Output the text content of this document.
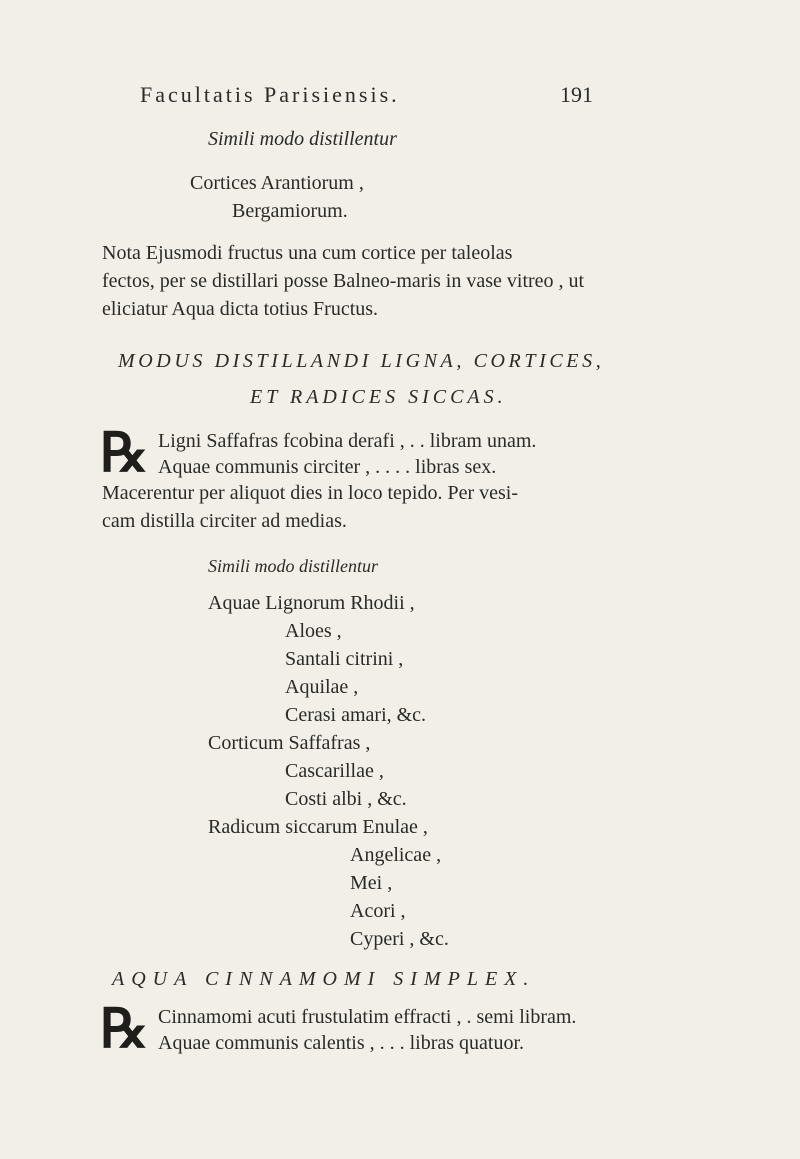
Facultatis Parisiensis.	191
Simili modo distillentur
Cortices Arantiorum ,
Bergamiorum.
Nota Ejusmodi fructus una cum cortice per taleolas
fectos, per se distillari posse Balneo-maris in vase vitreo , ut
eliciatur Aqua dicta totius Fructus.
MODUS DISTILLANDI LIGNA, CORTICES,
ET RADICES SICCAS.
℞ Ligni Saffafras fcobina derafi , . . libram unam.
Aquae communis circiter , . . . . libras sex.
Macerentur per aliquot dies in loco tepido. Per vesi-
cam distilla circiter ad medias.
Simili modo distillentur
Aquae Lignorum Rhodii ,
Aloes ,
Santali citrini ,
Aquilae ,
Cerasi amari, &c.
Corticum Saffafras ,
Cascarillae ,
Costi albi , &c.
Radicum siccarum Enulae ,
Angelicae ,
Mei ,
Acori ,
Cyperi , &c.
AQUA CINNAMOMI SIMPLEX.
℞ Cinnamomi acuti frustulatim effracti , . semi libram.
Aquae communis calentis , . . . libras quatuor.
